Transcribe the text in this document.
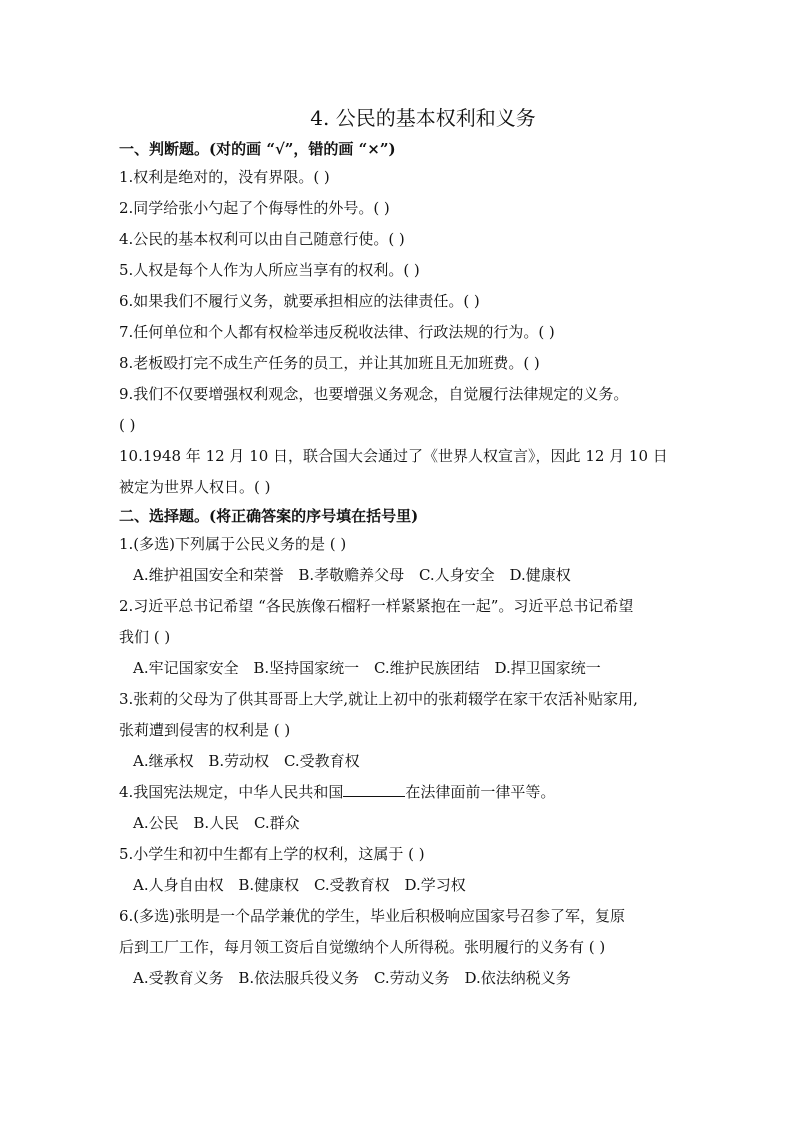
4. 公民的基本权利和义务
一、判断题。(对的画 “√”，错的画 “×”)
1.权利是绝对的，没有界限。( )
2.同学给张小勺起了个侮辱性的外号。( )
4.公民的基本权利可以由自己随意行使。( )
5.人权是每个人作为人所应当享有的权利。( )
6.如果我们不履行义务，就要承担相应的法律责任。( )
7.任何单位和个人都有权检举违反税收法律、行政法规的行为。( )
8.老板殴打完不成生产任务的员工，并让其加班且无加班费。( )
9.我们不仅要增强权利观念，也要增强义务观念，自觉履行法律规定的义务。
( )
10.1948 年 12 月 10 日，联合国大会通过了《世界人权宣言》，因此 12 月 10 日
被定为世界人权日。( )
二、选择题。(将正确答案的序号填在括号里)
1.(多选)下列属于公民义务的是 ( )
A.维护祖国安全和荣誉 B.孝敬赡养父母 C.人身安全 D.健康权
2.习近平总书记希望 “各民族像石榴籽一样紧紧抱在一起”。习近平总书记希望
我们 ( )
A.牢记国家安全 B.坚持国家统一 C.维护民族团结 D.捍卫国家统一
3.张莉的父母为了供其哥哥上大学,就让上初中的张莉辍学在家干农活补贴家用,
张莉遭到侵害的权利是 ( )
A.继承权 B.劳动权 C.受教育权
4.我国宪法规定，中华人民共和国	在法律面前一律平等。
A.公民 B.人民 C.群众
5.小学生和初中生都有上学的权利，这属于 ( )
A.人身自由权 B.健康权 C.受教育权 D.学习权
6.(多选)张明是一个品学兼优的学生，毕业后积极响应国家号召参了军，复原
后到工厂工作，每月领工资后自觉缴纳个人所得税。张明履行的义务有 ( )
A.受教育义务 B.依法服兵役义务 C.劳动义务 D.依法纳税义务
